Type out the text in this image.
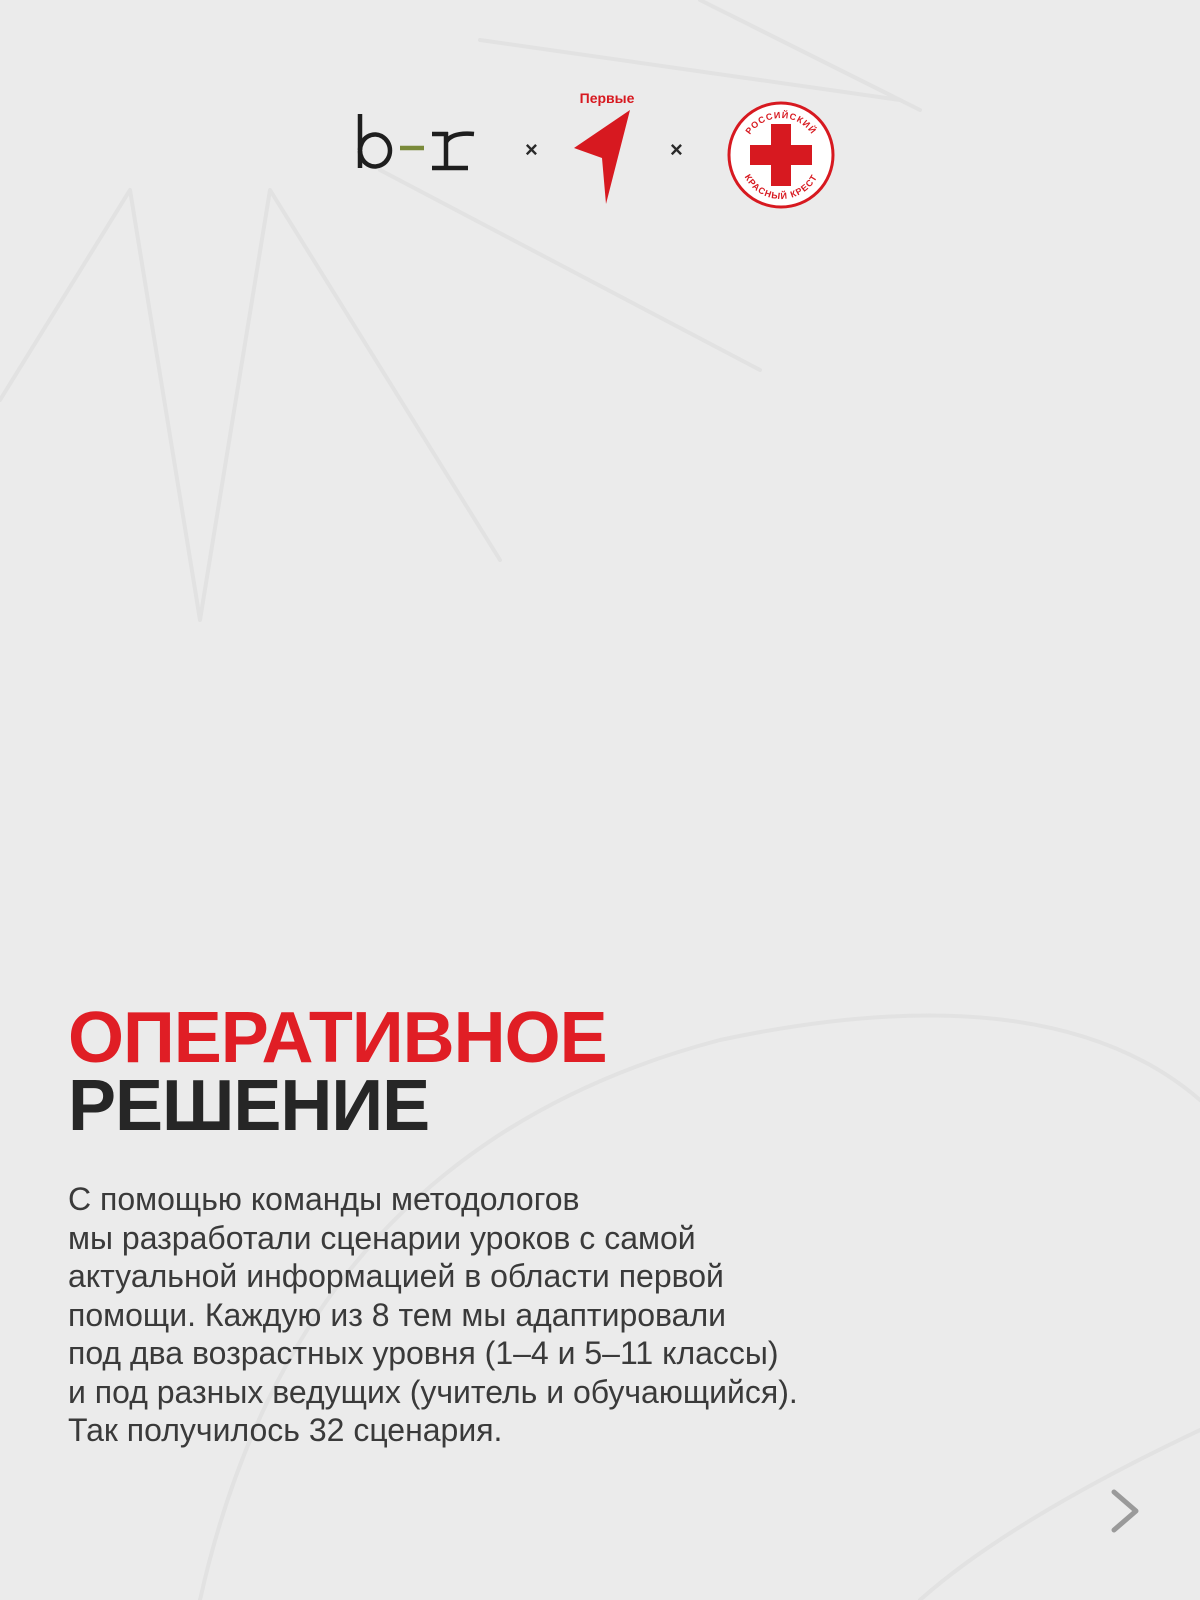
×
Первые
×
РОССИЙСКИЙ
КРАСНЫЙ КРЕСТ
ОПЕРАТИВНОЕ
РЕШЕНИЕ

С помощью команды методологов
мы разработали сценарии уроков с самой
актуальной информацией в области первой
помощи. Каждую из 8 тем мы адаптировали
под два возрастных уровня (1–4 и 5–11 классы)
и под разных ведущих (учитель и обучающийся).
Так получилось 32 сценария.
